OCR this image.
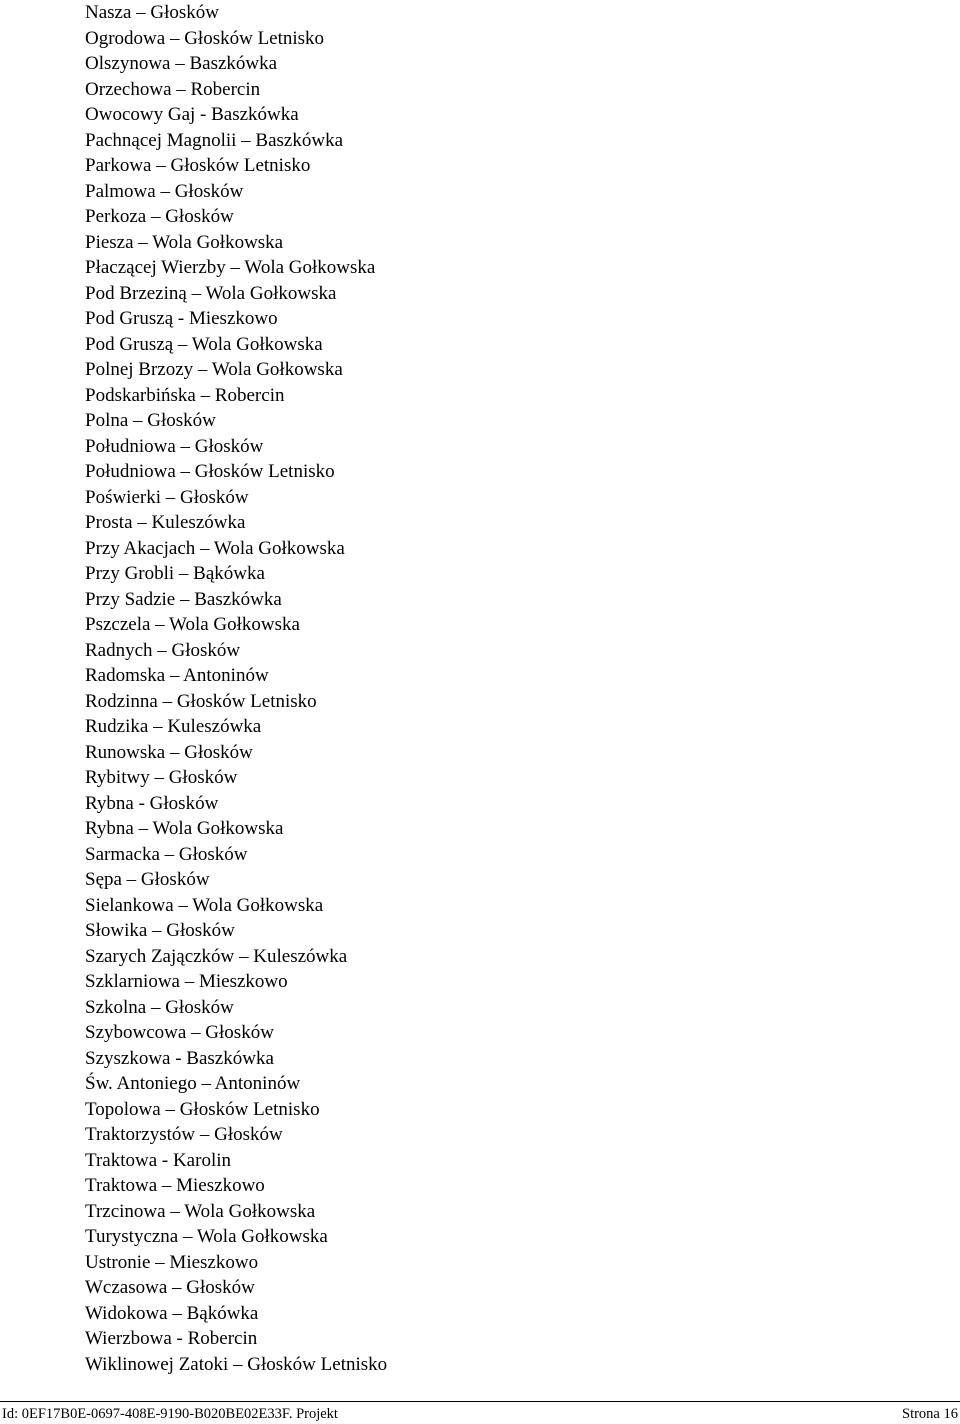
Nasza – Głosków
Ogrodowa – Głosków Letnisko
Olszynowa – Baszkówka
Orzechowa – Robercin
Owocowy Gaj - Baszkówka
Pachnącej Magnolii – Baszkówka
Parkowa – Głosków Letnisko
Palmowa – Głosków
Perkoza – Głosków
Piesza – Wola Gołkowska
Płaczącej Wierzby – Wola Gołkowska
Pod Brzeziną – Wola Gołkowska
Pod Gruszą - Mieszkowo
Pod Gruszą – Wola Gołkowska
Polnej Brzozy – Wola Gołkowska
Podskarbińska – Robercin
Polna – Głosków
Południowa – Głosków
Południowa – Głosków Letnisko
Poświerki – Głosków
Prosta – Kuleszówka
Przy Akacjach – Wola Gołkowska
Przy Grobli – Bąkówka
Przy Sadzie – Baszkówka
Pszczela – Wola Gołkowska
Radnych – Głosków
Radomska – Antoninów
Rodzinna – Głosków Letnisko
Rudzika – Kuleszówka
Runowska – Głosków
Rybitwy – Głosków
Rybna - Głosków
Rybna – Wola Gołkowska
Sarmacka – Głosków
Sępa – Głosków
Sielankowa – Wola Gołkowska
Słowika – Głosków
Szarych Zajączków – Kuleszówka
Szklarniowa – Mieszkowo
Szkolna – Głosków
Szybowcowa – Głosków
Szyszkowa - Baszkówka
Św. Antoniego – Antoninów
Topolowa – Głosków Letnisko
Traktorzystów – Głosków
Traktowa - Karolin
Traktowa – Mieszkowo
Trzcinowa – Wola Gołkowska
Turystyczna – Wola Gołkowska
Ustronie – Mieszkowo
Wczasowa – Głosków
Widokowa – Bąkówka
Wierzbowa - Robercin
Wiklinowej Zatoki – Głosków Letnisko
Id: 0EF17B0E-0697-408E-9190-B020BE02E33F. Projekt	Strona 16
